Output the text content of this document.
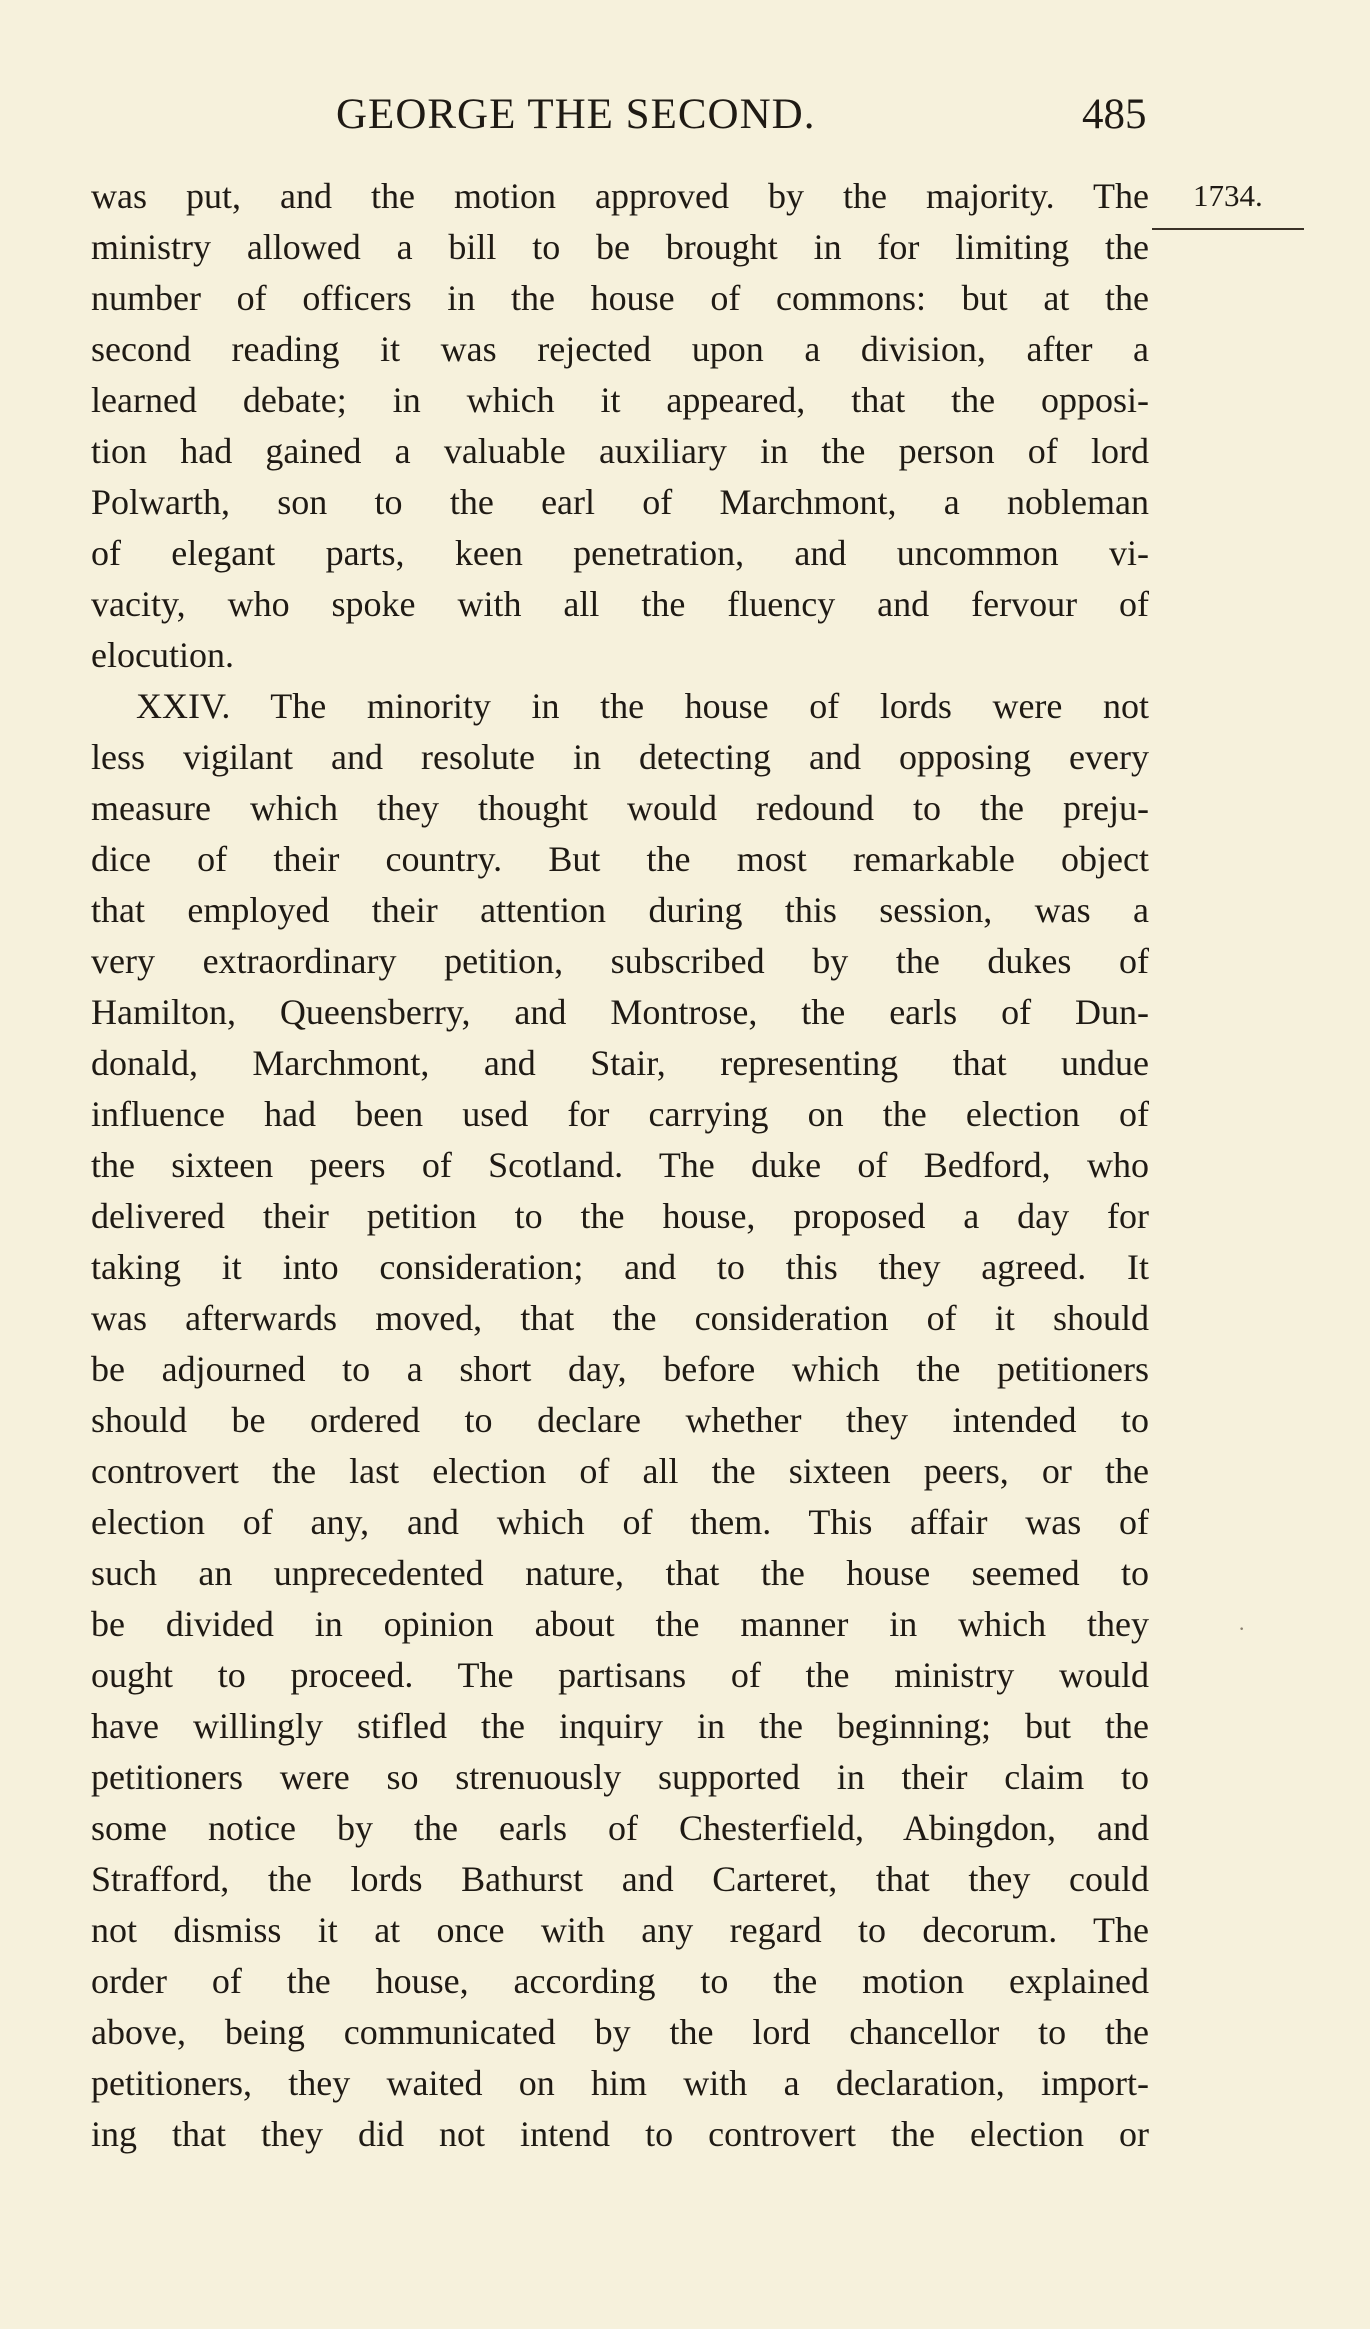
GEORGE THE SECOND.	485
1734.
·
was put, and the motion approved by the majority. The
ministry allowed a bill to be brought in for limiting the
number of officers in the house of commons: but at the
second reading it was rejected upon a division, after a
learned debate; in which it appeared, that the opposi-
tion had gained a valuable auxiliary in the person of lord
Polwarth, son to the earl of Marchmont, a nobleman
of elegant parts, keen penetration, and uncommon vi-
vacity, who spoke with all the fluency and fervour of
elocution.
XXIV. The minority in the house of lords were not
less vigilant and resolute in detecting and opposing every
measure which they thought would redound to the preju-
dice of their country. But the most remarkable object
that employed their attention during this session, was a
very extraordinary petition, subscribed by the dukes of
Hamilton, Queensberry, and Montrose, the earls of Dun-
donald, Marchmont, and Stair, representing that undue
influence had been used for carrying on the election of
the sixteen peers of Scotland. The duke of Bedford, who
delivered their petition to the house, proposed a day for
taking it into consideration; and to this they agreed. It
was afterwards moved, that the consideration of it should
be adjourned to a short day, before which the petitioners
should be ordered to declare whether they intended to
controvert the last election of all the sixteen peers, or the
election of any, and which of them. This affair was of
such an unprecedented nature, that the house seemed to
be divided in opinion about the manner in which they
ought to proceed. The partisans of the ministry would
have willingly stifled the inquiry in the beginning; but the
petitioners were so strenuously supported in their claim to
some notice by the earls of Chesterfield, Abingdon, and
Strafford, the lords Bathurst and Carteret, that they could
not dismiss it at once with any regard to decorum. The
order of the house, according to the motion explained
above, being communicated by the lord chancellor to the
petitioners, they waited on him with a declaration, import-
ing that they did not intend to controvert the election or
